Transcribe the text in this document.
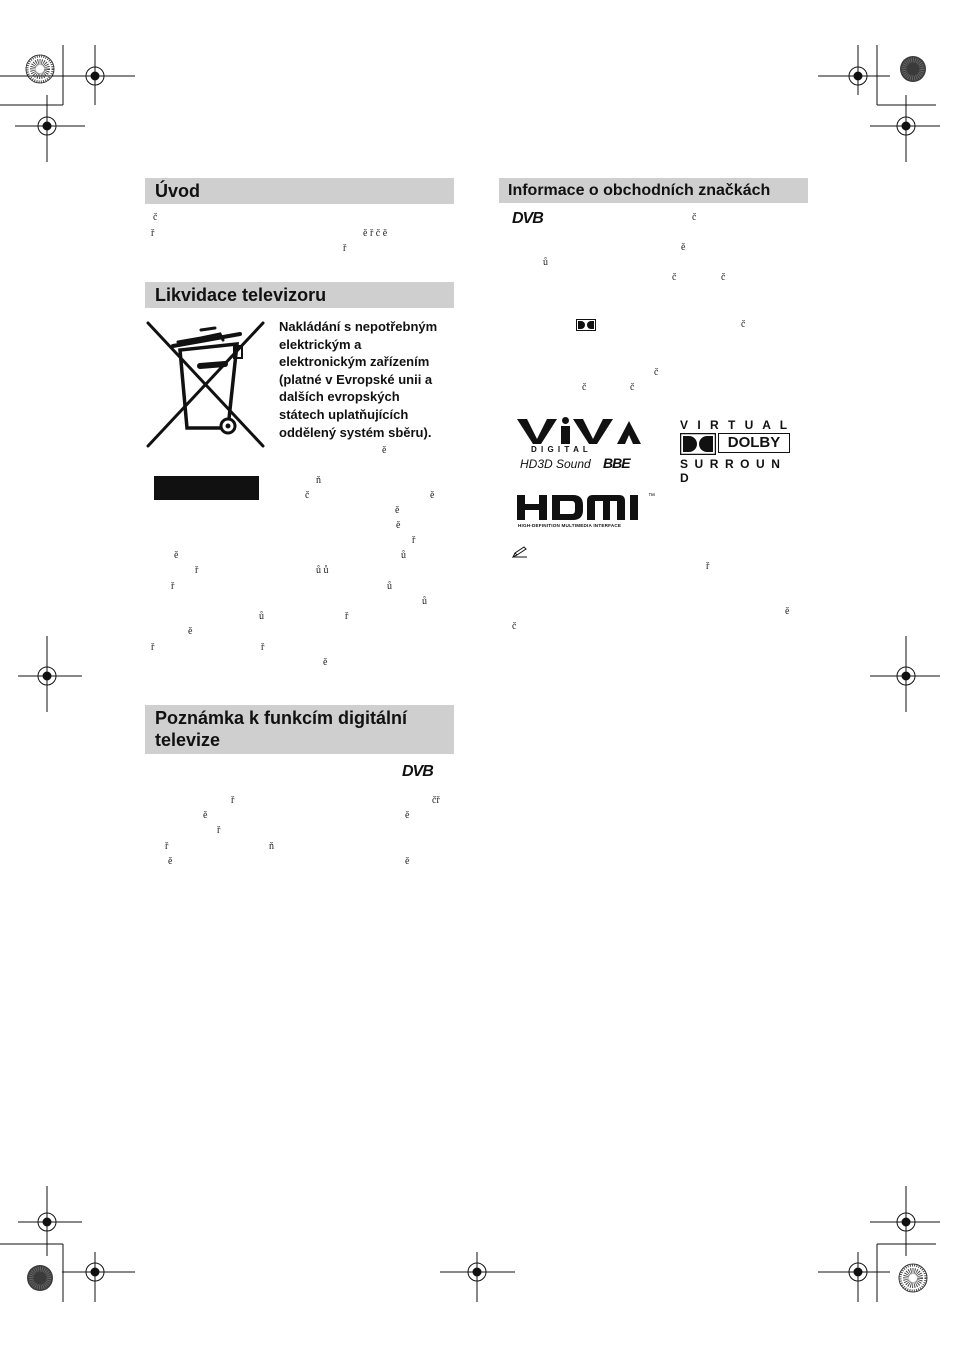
Úvod
Likvidace televizoru
Poznámka k funkcím digitální
televize
Informace o obchodních značkách
Nakládání s nepotřebným
elektrickým a
elektronickým zařízením
(platné v Evropské unii a
dalších evropských
státech uplatňujících
oddělený systém sběru).
č
ř	ě ř č ě
ř
ě
ň
č	ě
ě
ě
ř
ě	ů
ř	ů ů
ř	ů
ů
ů	ř
ě
ř	ř
ě
ř	čř
ě	ě
ř
ř	ň
ě	ě
DVB
DVB	č
ě
ů
č	č
č
č
č	č
ř
ě
č
D I G I T A L
HD3D Sound BBE
V I R T U A L
DOLBY
S U R R O U N D
™
HIGH-DEFINITION MULTIMEDIA INTERFACE
